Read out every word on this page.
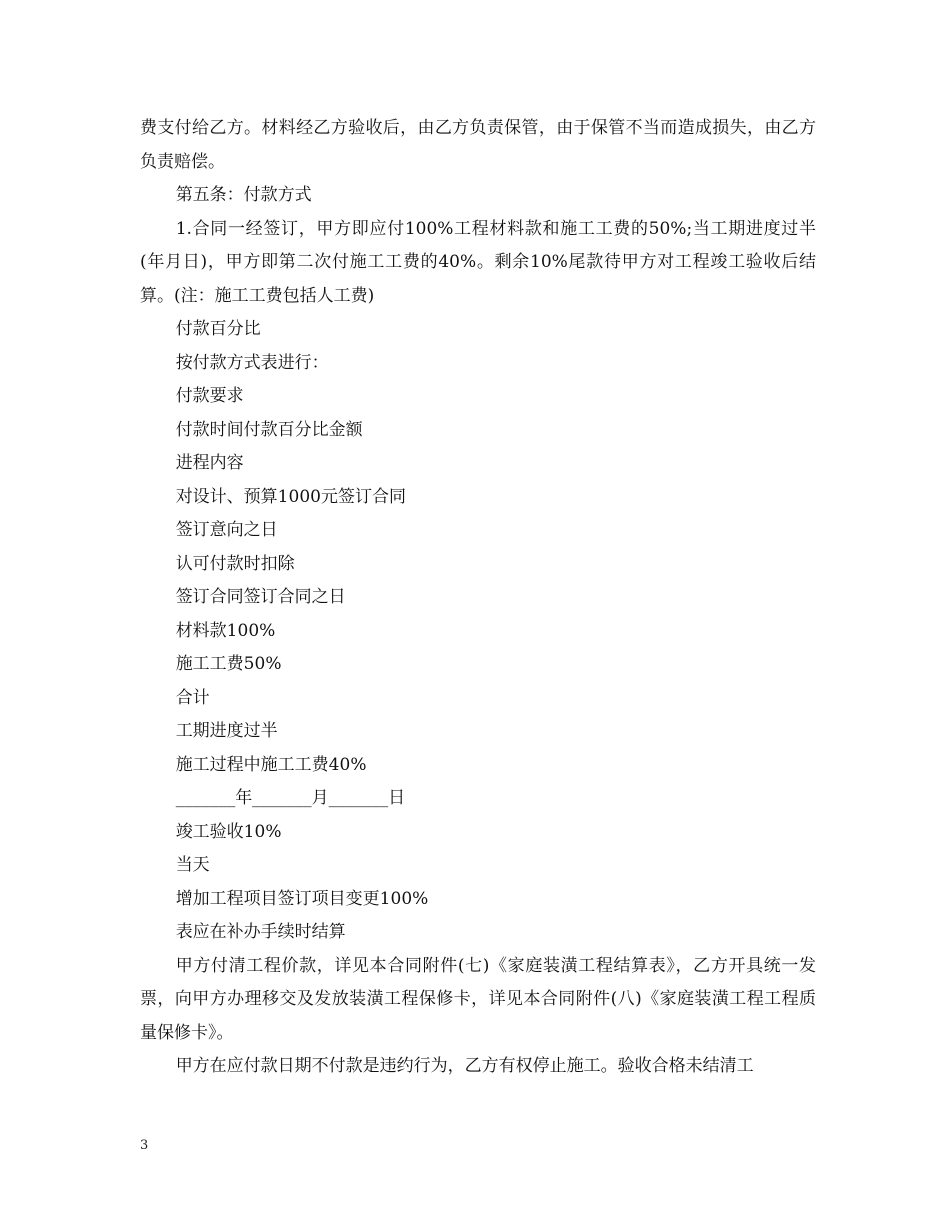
费支付给乙方。材料经乙方验收后，由乙方负责保管，由于保管不当而造成损失，由乙方负责赔偿。

第五条：付款方式

1.合同一经签订，甲方即应付100%工程材料款和施工工费的50%;当工期进度过半(年月日)，甲方即第二次付施工工费的40%。剩余10%尾款待甲方对工程竣工验收后结算。(注：施工工费包括人工费)

付款百分比

按付款方式表进行：

付款要求

付款时间付款百分比金额

进程内容

对设计、预算1000元签订合同

签订意向之日

认可付款时扣除

签订合同签订合同之日

材料款100%

施工工费50%

合计

工期进度过半

施工过程中施工工费40%

_______年_______月_______日

竣工验收10%

当天

增加工程项目签订项目变更100%

表应在补办手续时结算

甲方付清工程价款，详见本合同附件(七)《家庭装潢工程结算表》，乙方开具统一发票，向甲方办理移交及发放装潢工程保修卡，详见本合同附件(八)《家庭装潢工程工程质量保修卡》。

甲方在应付款日期不付款是违约行为，乙方有权停止施工。验收合格未结清工

3
